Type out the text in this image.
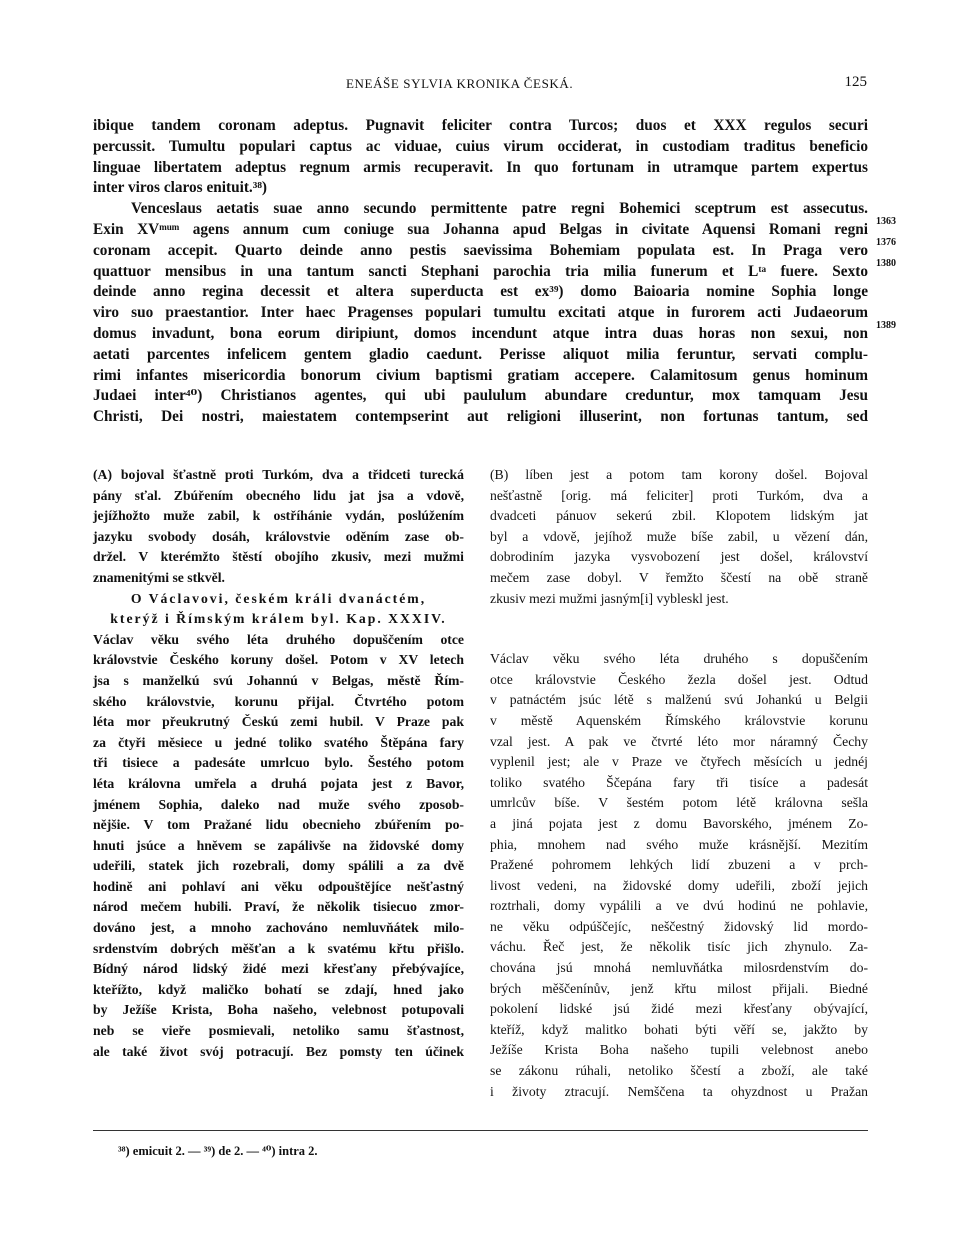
ENEÁŠE SYLVIA KRONIKA ČESKÁ.	125

ibique tandem coronam adeptus. Pugnavit feliciter contra Turcos; duos et XXX regulos securi

percussit. Tumultu populari captus ac viduae, cuius virum occiderat, in custodiam traditus beneficio

linguae libertatem adeptus regnum armis recuperavit. In quo fortunam in utramque partem expertus

inter viros claros enituit.³⁸)

Venceslaus aetatis suae anno secundo permittente patre regni Bohemici sceptrum est assecutus.

Exin XVᵐᵘᵐ agens annum cum coniuge sua Johanna apud Belgas in civitate Aquensi Romani regni

coronam accepit. Quarto deinde anno pestis saevissima Bohemiam populata est. In Praga vero

quattuor mensibus in una tantum sancti Stephani parochia tria milia funerum et Lᵗᵃ fuere. Sexto

deinde anno regina decessit et altera superducta est ex³⁹) domo Baioaria nomine Sophia longe

viro suo praestantior. Inter haec Pragenses populari tumultu excitati atque in furorem acti Judaeorum

domus invadunt, bona eorum diripiunt, domos incendunt atque intra duas horas non sexui, non

aetati parcentes infelicem gentem gladio caedunt. Perisse aliquot milia feruntur, servati complu-

rimi infantes misericordia bonorum civium baptismi gratiam accepere. Calamitosum genus hominum

Judaei inter⁴⁰) Christianos agentes, qui ubi paululum abundare creduntur, mox tamquam Jesu

Christi, Dei nostri, maiestatem contempserint aut religioni illuserint, non fortunas tantum, sed

1363
1376
1380
1389

(A) bojoval šťastně proti Turkóm, dva a třidceti turecká

pány sťal. Zbúřením obecného lidu jat jsa a vdově,

jejížhožto muže zabil, k ostříhánie vydán, poslúžením

jazyku svobody dosáh, královstvie oděním zase ob-

držel. V kterémžto štěstí obojího zkusiv, mezi mužmi

znamenitými se stkvěl.

O Václavovi, českém králi dvanáctém,

kterýž i Římským králem byl. Kap. XXXIV.

Václav věku svého léta druhého dopuščením otce

královstvie Českého koruny došel. Potom v XV letech

jsa s manželkú svú Johannú v Belgas, městě Řím-

ského královstvie, korunu přijal. Čtvrtého potom

léta mor přeukrutný Českú zemi hubil. V Praze pak

za čtyři měsiece u jedné toliko svatého Štěpána fary

tři tisiece a padesáte umrlcuo bylo. Šestého potom

léta královna umřela a druhá pojata jest z Bavor,

jménem Sophia, daleko nad muže svého zposob-

nějšie. V tom Pražané lidu obecnieho zbúřením po-

hnuti jsúce a hněvem se zapálivše na židovské domy

udeřili, statek jich rozebrali, domy spálili a za dvě

hodině ani pohlaví ani věku odpouštějíce nešťastný

národ mečem hubili. Praví, že několik tisiecuo zmor-

dováno jest, a mnoho zachováno nemluvňátek milo-

srdenstvím dobrých měšťan a k svatému křtu přišlo.

Bídný národ lidský židé mezi křesťany přebývajíce,

kteřížto, když maličko bohatí se zdají, hned jako

by Ježíše Krista, Boha našeho, velebnost potupovali

neb se vieře posmievali, netoliko samu šťastnost,

ale také život svój potracují. Bez pomsty ten účinek

(B) líben jest a potom tam korony došel. Bojoval

nešťastně [orig. má feliciter] proti Turkóm, dva a

dvadceti pánuov sekerú zbil. Klopotem lidským jat

byl a vdově, jejíhož muže bíše zabil, u vězení dán,

dobrodiním jazyka vysvobození jest došel, království

mečem zase dobyl. V řemžto ščestí na obě straně

zkusiv mezi mužmi jasným[i] vybleskl jest.

Václav věku svého léta druhého s dopuščením

otce královstvie Českého žezla došel jest. Odtud

v patnáctém jsúc létě s malženú svú Johankú u Belgii

v městě Aquenském Římského královstvie korunu

vzal jest. A pak ve čtvrté léto mor náramný Čechy

vyplenil jest; ale v Praze ve čtyřech měsících u jednéj

toliko svatého Ščepána fary tři tisíce a padesát

umrlcův bíše. V šestém potom létě královna sešla

a jiná pojata jest z domu Bavorského, jménem Zo-

phia, mnohem nad svého muže krásnější. Mezitím

Pražené pohromem lehkých lidí zbuzeni a v prch-

livost vedeni, na židovské domy udeřili, zboží jejich

roztrhali, domy vypálili a ve dvú hodinú ne pohlavie,

ne věku odpúščejíc, neščestný židovský lid mordo-

váchu. Řeč jest, že několik tisíc jich zhynulo. Za-

chována jsú mnohá nemluvňátka milosrdenstvím do-

brých měščenínův, jenž křtu milost přijali. Biedné

pokolení lidské jsú židé mezi křesťany obývající,

kteříž, když malitko bohati býti věří se, jakžto by

Ježíše Krista Boha našeho tupili velebnost anebo

se zákonu rúhali, netoliko ščestí a zboží, ale také

i životy ztracují. Nemščena ta ohyzdnost u Pražan

³⁸) emicuit 2. — ³⁹) de 2. — ⁴⁰) intra 2.
